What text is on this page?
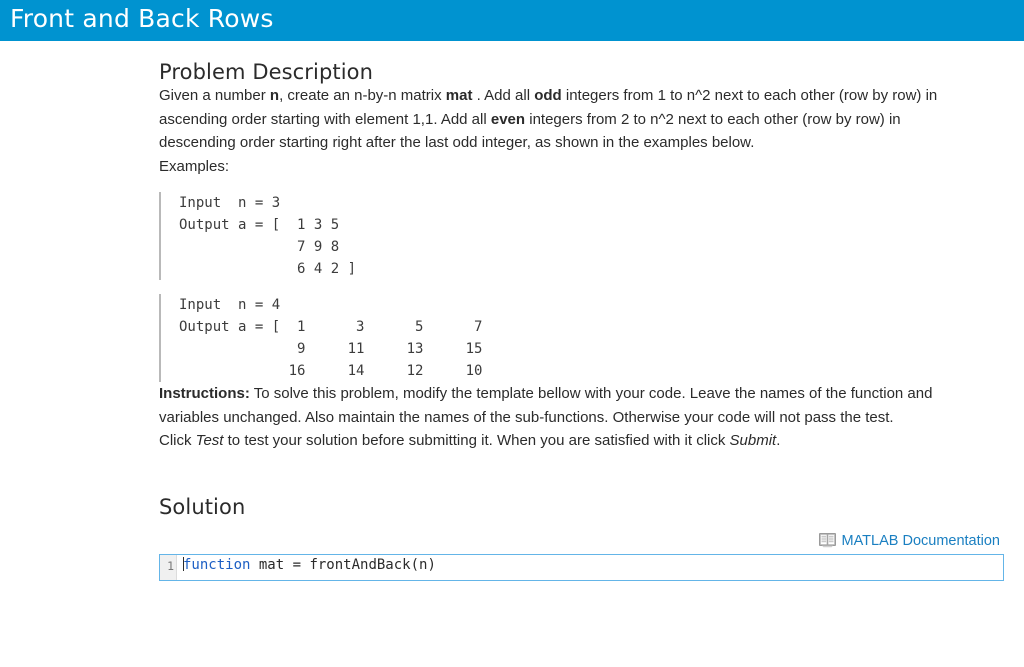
Front and Back Rows
Problem Description

Given a number n, create an n-by-n matrix mat . Add all odd integers from 1 to n^2 next to each other (row by row) in ascending order starting with element 1,1. Add all even integers from 2 to n^2 next to each other (row by row) in descending order starting right after the last odd integer, as shown in the examples below.

Examples:

Input  n = 3
Output a = [  1 3 5
7 9 8
6 4 2 ]
Input  n = 4
Output a = [  1      3      5      7
9     11     13     15
16     14     12     10

Instructions: To solve this problem, modify the template bellow with your code. Leave the names of the function and variables unchanged. Also maintain the names of the sub-functions. Otherwise your code will not pass the test.

Click Test to test your solution before submitting it. When you are satisfied with it click Submit.

Solution
MATLAB Documentation
1 function mat = frontAndBack(n)
